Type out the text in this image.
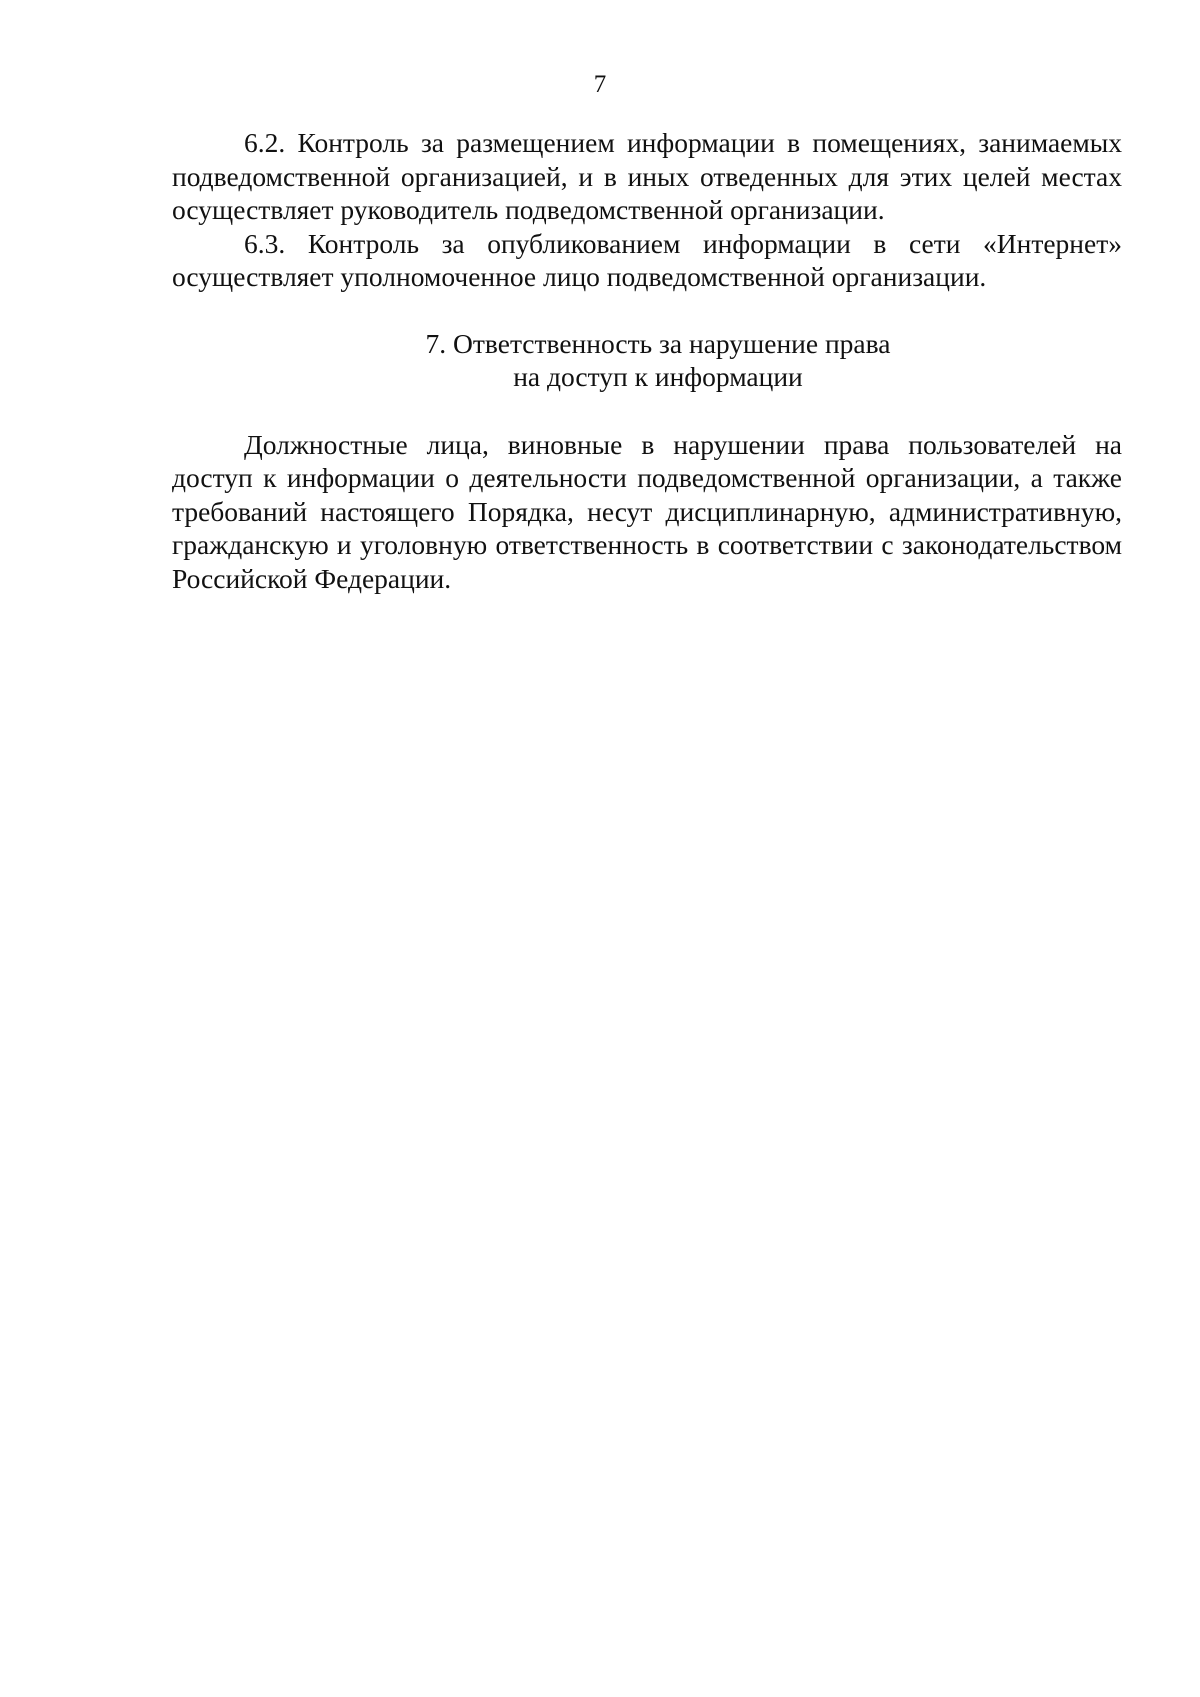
7

6.2. Контроль за размещением информации в помещениях, занимаемых подведомственной организацией, и в иных отведенных для этих целей местах осуществляет руководитель подведомственной организации.

6.3. Контроль за опубликованием информации в сети «Интернет» осуществляет уполномоченное лицо подведомственной организации.

7. Ответственность за нарушение права

на доступ к информации

Должностные лица, виновные в нарушении права пользователей на доступ к информации о деятельности подведомственной организации, а также требований настоящего Порядка, несут дисциплинарную, административную, гражданскую и уголовную ответственность в соответствии с законодательством Российской Федерации.
